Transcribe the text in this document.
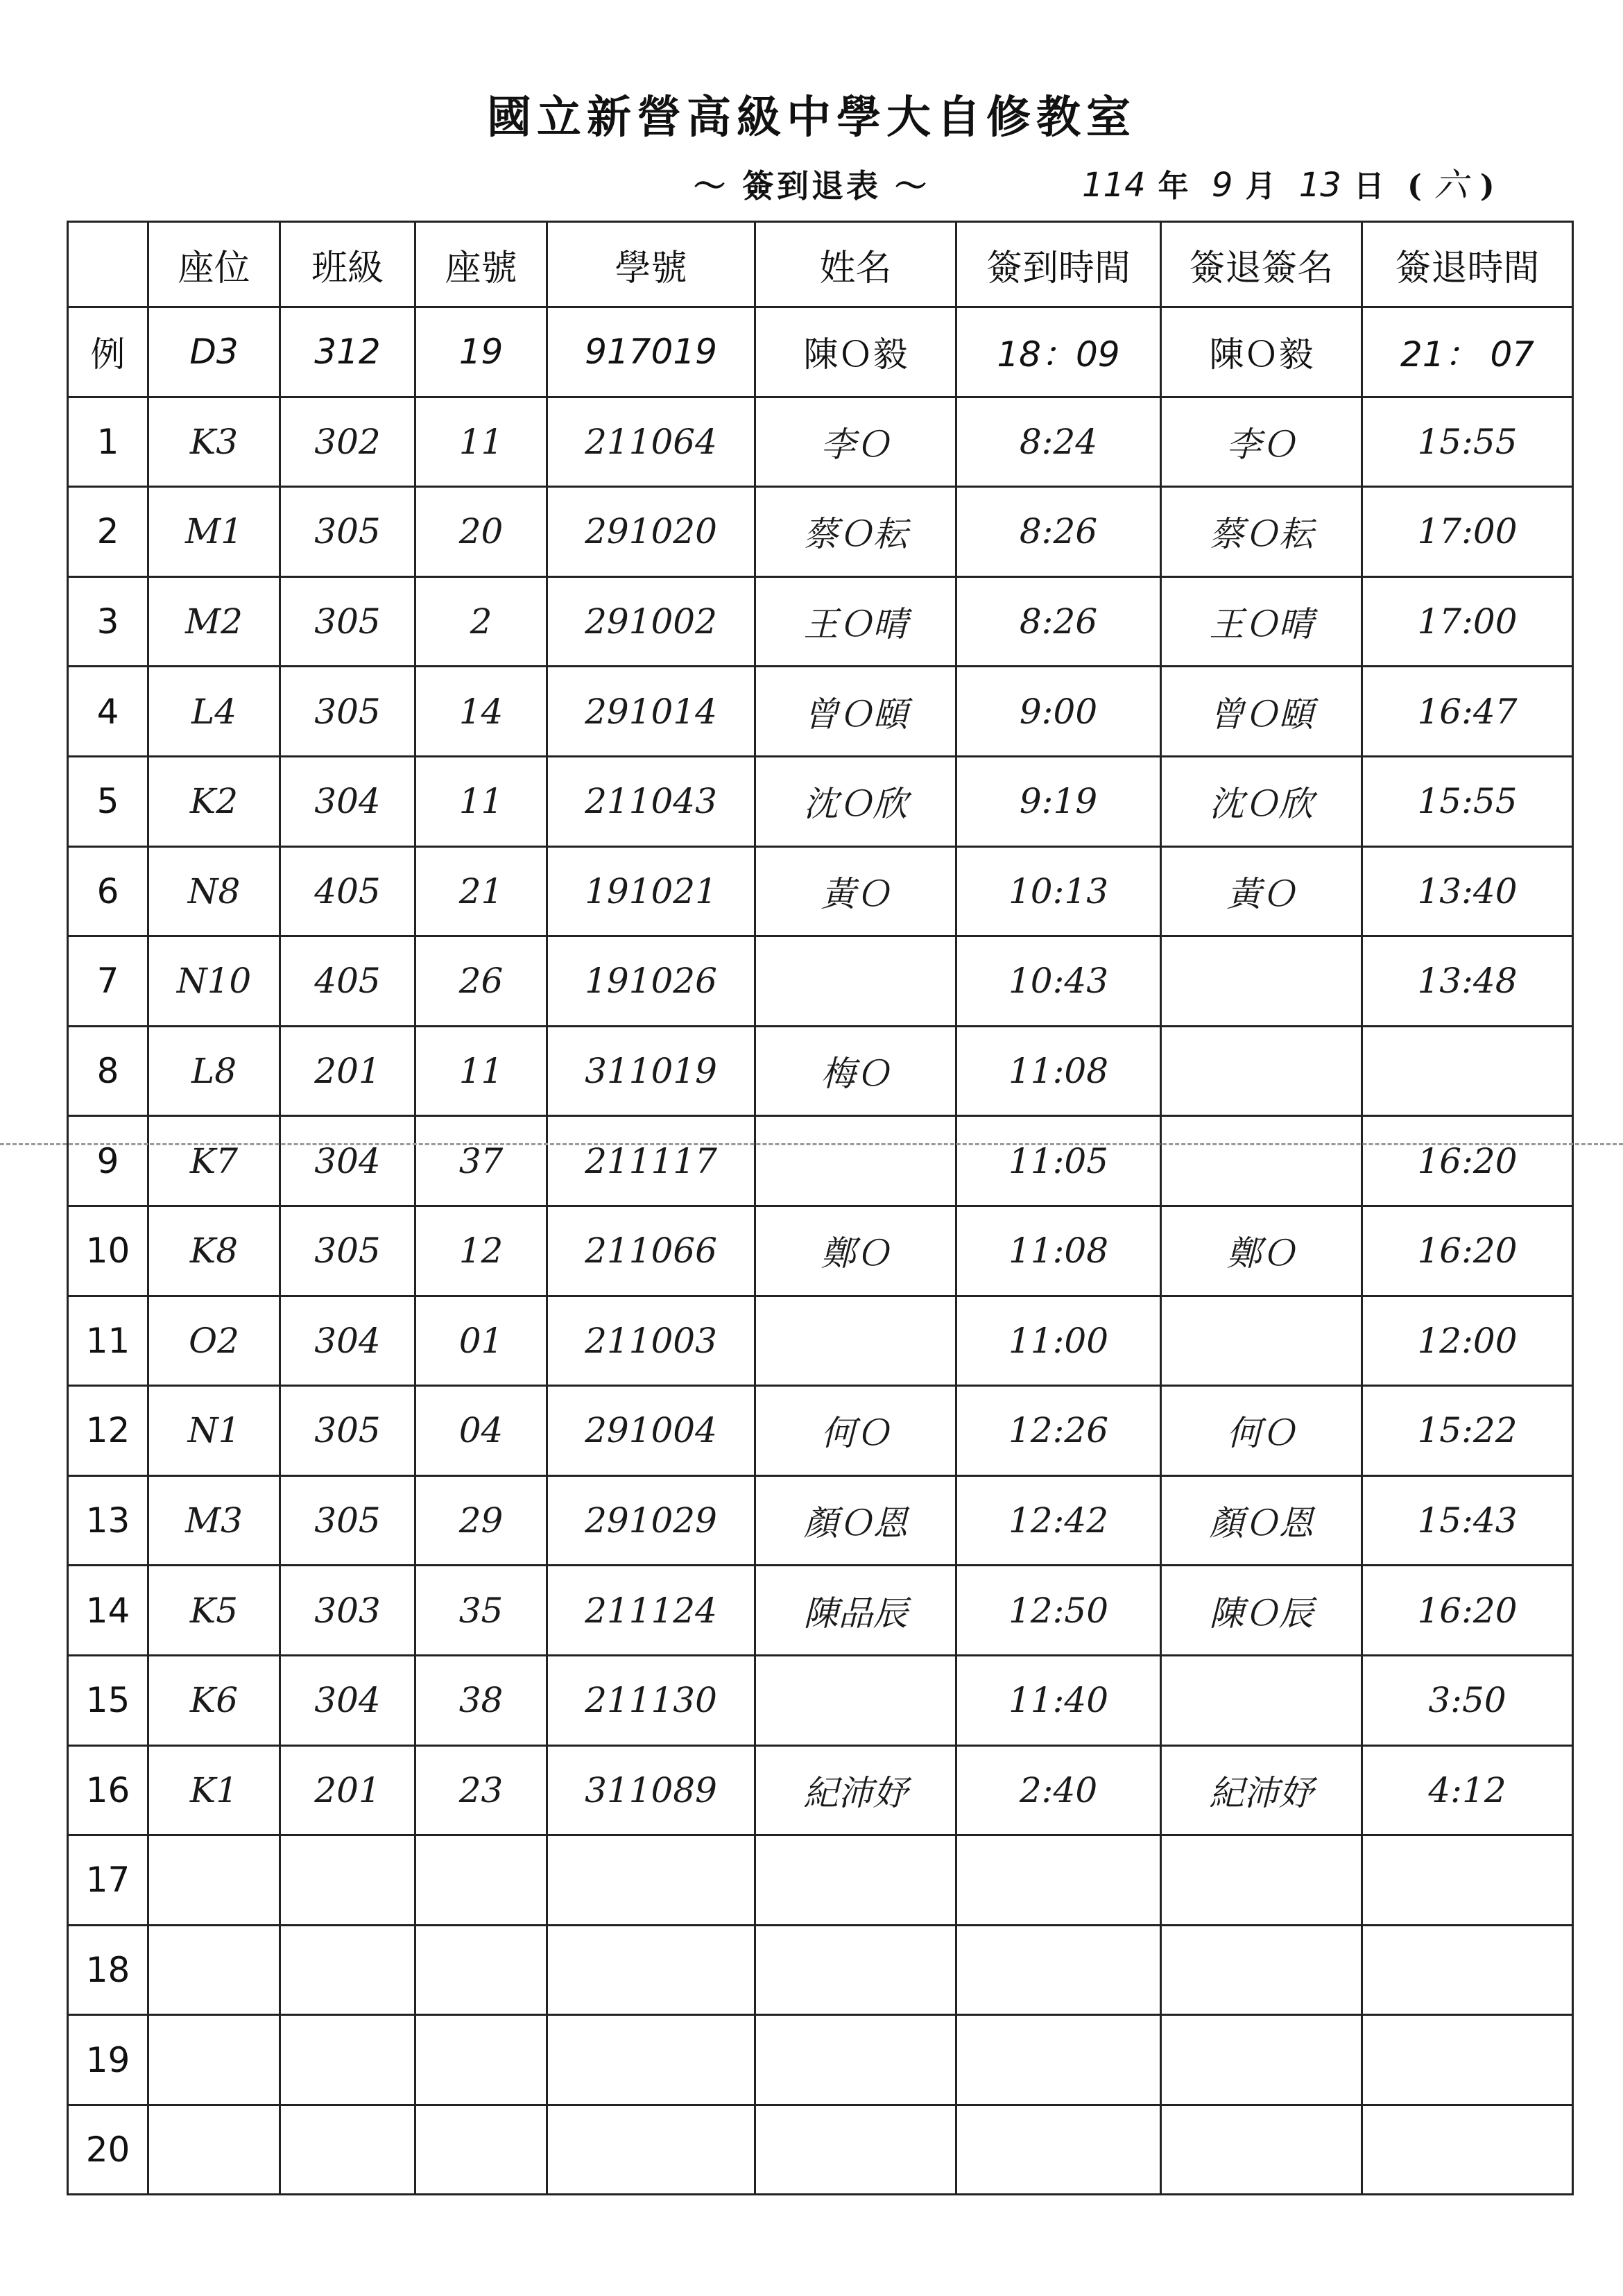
國立新營高級中學大自修教室
～ 簽到退表 ～	114 年 9 月 13 日 ( 六 )
	座位	班級	座號	學號	姓名	簽到時間	簽退簽名	簽退時間
例	D3	312	19	917019	陳Ｏ毅	18：09	陳Ｏ毅	21： 07
1	K3	302	11	211064	李Ｏ	8:24	李Ｏ	15:55
2	M1	305	20	291020	蔡Ｏ耘	8:26	蔡Ｏ耘	17:00
3	M2	305	2	291002	王Ｏ晴	8:26	王Ｏ晴	17:00
4	L4	305	14	291014	曾Ｏ頤	9:00	曾Ｏ頤	16:47
5	K2	304	11	211043	沈Ｏ欣	9:19	沈Ｏ欣	15:55
6	N8	405	21	191021	黃Ｏ	10:13	黃Ｏ	13:40
7	N10	405	26	191026		10:43		13:48
8	L8	201	11	311019	梅Ｏ	11:08		
9	K7	304	37	211117		11:05		16:20
10	K8	305	12	211066	鄭Ｏ	11:08	鄭Ｏ	16:20
11	O2	304	01	211003		11:00		12:00
12	N1	305	04	291004	何Ｏ	12:26	何Ｏ	15:22
13	M3	305	29	291029	顏Ｏ恩	12:42	顏Ｏ恩	15:43
14	K5	303	35	211124	陳品辰	12:50	陳Ｏ辰	16:20
15	K6	304	38	211130		11:40		3:50
16	K1	201	23	311089	紀沛妤	2:40	紀沛妤	4:12
17								
18								
19								
20								
